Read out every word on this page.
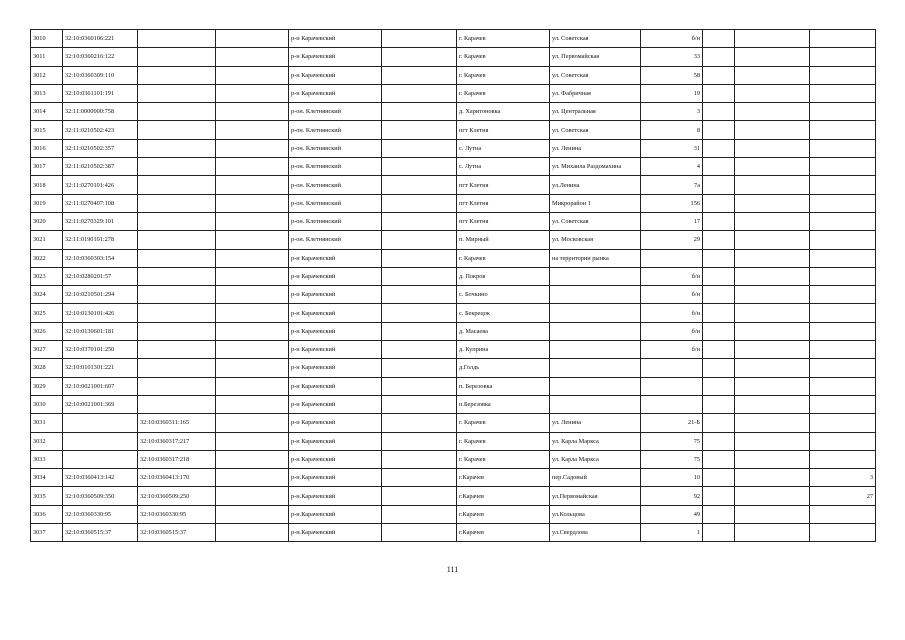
3010	32:10:0360106:221			р-н Карачевский		г. Карачев	ул. Советская	б/н			
3011	32:10:0360216:122			р-н Карачевский		г. Карачев	ул. Первомайская	33			
3012	32:10:0360309:110			р-н Карачевский		г. Карачев	ул. Советская	58			
3013	32:10:0361101:191			р-н Карачевский		г. Карачев	ул. Фабричная	19			
3014	32:11:0000000:758			р-он. Клетнянский		д. Харитоновка	ул. Центральная	3			
3015	32:11:0210502:423			р-он. Клетнянский		пгт Клетня	ул. Советская	8			
3016	32:11:0210502:357			р-он. Клетнянский		с. Лутна	ул. Ленина	31			
3017	32:11:0210502:387			р-он. Клетнянский		с. Лутна	ул. Михаила Раздомахина	4			
3018	32:11:0270101:426			р-он. Клетнянский		пгт Клетня	ул.Ленина	7а			
3019	32:11:0270407:108			р-он. Клетнянский		пгт Клетня	Микрорайон 1	156			
3020	32:11:0270329:101			р-он. Клетнянский		пгт Клетня	ул. Советская	17			
3021	32:11:0190101:278			р-он. Клетнянский		п. Мирный	ул. Московская	29			
3022	32:10:0360303:154			р-н Карачевский		г. Карачев	на территории рынка				
3023	32:10:0280201:57			р-н Карачевский		д. Покров		б/н			
3024	32:10:0210501:294			р-н Карачевский		с. Бочкино		б/н			
3025	32:10:0130101:426			р-н Карачевский		с. Бекрецок		б/н			
3026	32:10:0130601:181			р-н Карачевский		д. Масаева		б/н			
3027	32:10:0370101:250			р-н Карачевский		д. Куприна		б/н			
3028	32:10:0101301:221			р-н Карачевский		д.Голдь					
3029	32:10:0021001:607			р-н Карачевский		п. Березовка					
3030	32:10:0021001:369			р-н Карачевский		п.Березовка					
3031		32:10:0360311:165		р-н Карачевский		г. Карачев	ул. Ленина	21-Б			
3032		32:10:0360317:217		р-н Карачевский		г. Карачев	ул. Карла Маркса	75			
3033		32:10:0360317:218		р-н Карачевский		г. Карачев	ул. Карла Маркса	75			
3034	32:10:0360413:142	32:10:0360413:170		р-н.Карачевский		г.Карачев	пер.Садовый	10			3
3035	32:10:0360509:350	32:10:0360509:250		р-н.Карачевский		г.Карачев	ул.Первомайская	92			27
3036	32:10:0360330:95	32:10:0360330:95		р-н.Карачевский		г.Карачев	ул.Кольцова	49			
3037	32:10:0360515:37	32:10:0360515:37		р-н.Карачевский		г.Карачев	ул.Свердлова	1			
111
